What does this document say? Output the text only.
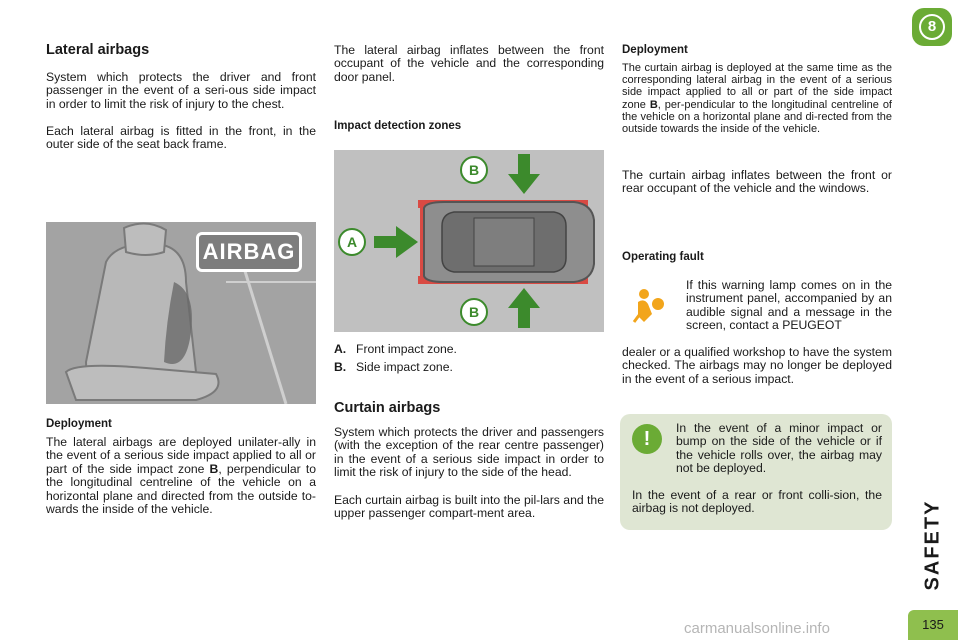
Lateral airbags

System which protects the driver and front passenger in the event of a seri-ous side impact in order to limit the risk of injury to the chest.

Each lateral airbag is fitted in the front, in the outer side of the seat back frame.

AIRBAG
Deployment

The lateral airbags are deployed unilater-ally in the event of a serious side impact applied to all or part of the side impact zone B, perpendicular to the longitudinal centreline of the vehicle on a horizontal plane and directed from the outside to-wards the inside of the vehicle.

The lateral airbag inflates between the front occupant of the vehicle and the corresponding door panel.

Impact detection zones
B
B
A
A. Front impact zone.
B. Side impact zone.
Curtain airbags

System which protects the driver and passengers (with the exception of the rear centre passenger) in the event of a serious side impact in order to limit the risk of injury to the side of the head.

Each curtain airbag is built into the pil-lars and the upper passenger compart-ment area.

Deployment

The curtain airbag is deployed at the same time as the corresponding lateral airbag in the event of a serious side impact applied to all or part of the side impact zone B, per-pendicular to the longitudinal centreline of the vehicle on a horizontal plane and di-rected from the outside towards the inside of the vehicle.

The curtain airbag inflates between the front or rear occupant of the vehicle and the windows.

Operating fault

If this warning lamp comes on in the instrument panel, accompanied by an audible signal and a message in the screen, contact a PEUGEOT

dealer or a qualified workshop to have the system checked. The airbags may no longer be deployed in the event of a serious impact.

!	In the event of a minor impact or bump on the side of the vehicle or if the vehicle rolls over, the airbag may not be deployed.

In the event of a rear or front colli-sion, the airbag is not deployed.

8
SAFETY
135
carmanualsonline.info
